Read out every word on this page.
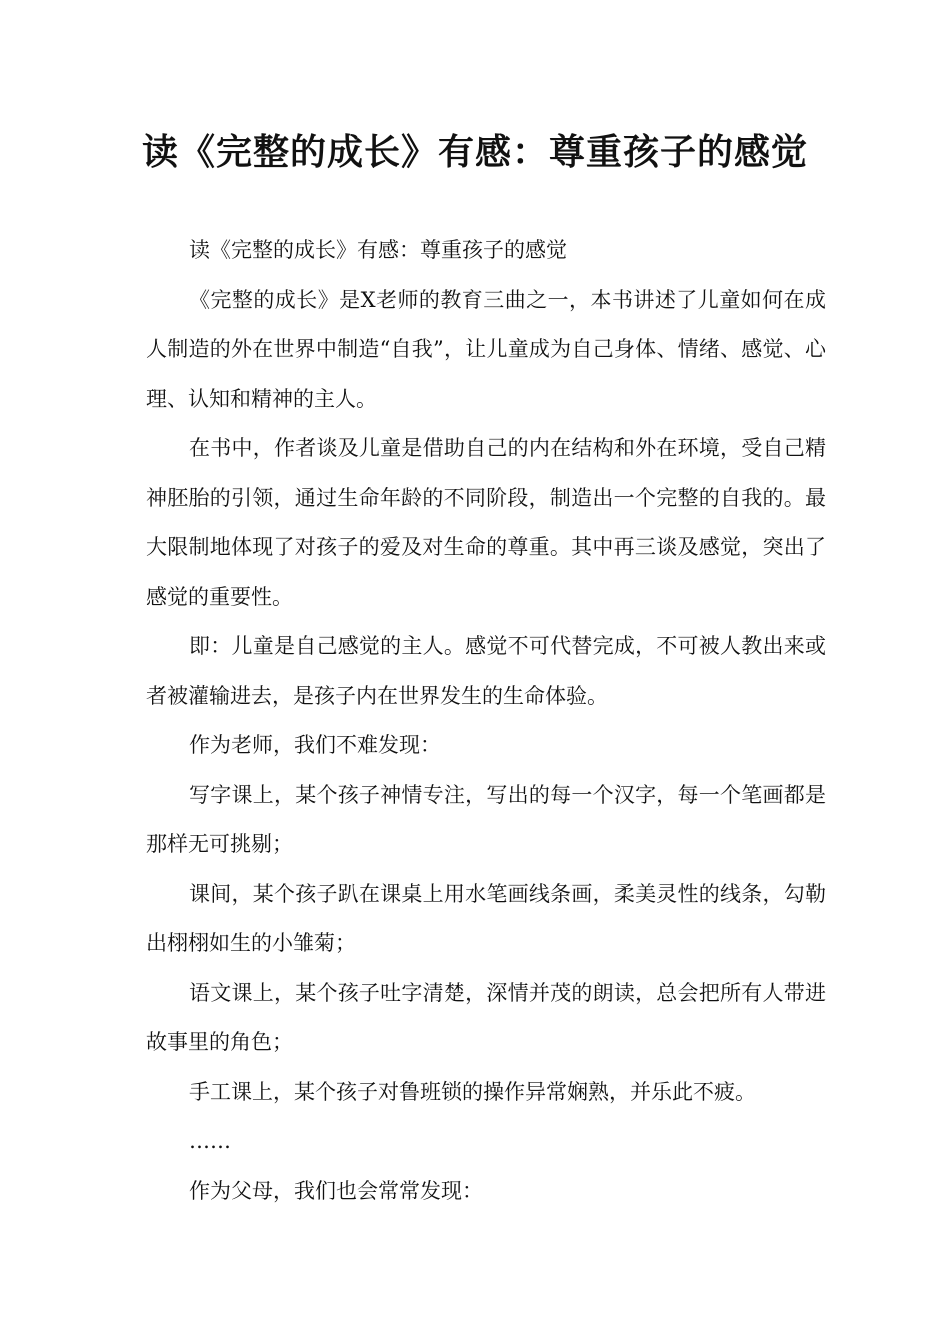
读《完整的成长》有感：尊重孩子的感觉

读《完整的成长》有感：尊重孩子的感觉

《完整的成长》是X老师的教育三曲之一，本书讲述了儿童如何在成人制造的外在世界中制造“自我”，让儿童成为自己身体、情绪、感觉、心理、认知和精神的主人。

在书中，作者谈及儿童是借助自己的内在结构和外在环境，受自己精神胚胎的引领，通过生命年龄的不同阶段，制造出一个完整的自我的。最大限制地体现了对孩子的爱及对生命的尊重。其中再三谈及感觉，突出了感觉的重要性。

即：儿童是自己感觉的主人。感觉不可代替完成，不可被人教出来或者被灌输进去，是孩子内在世界发生的生命体验。

作为老师，我们不难发现：

写字课上，某个孩子神情专注，写出的每一个汉字，每一个笔画都是那样无可挑剔；

课间，某个孩子趴在课桌上用水笔画线条画，柔美灵性的线条，勾勒出栩栩如生的小雏菊；

语文课上，某个孩子吐字清楚，深情并茂的朗读，总会把所有人带进故事里的角色；

手工课上，某个孩子对鲁班锁的操作异常娴熟，并乐此不疲。

……

作为父母，我们也会常常发现：
